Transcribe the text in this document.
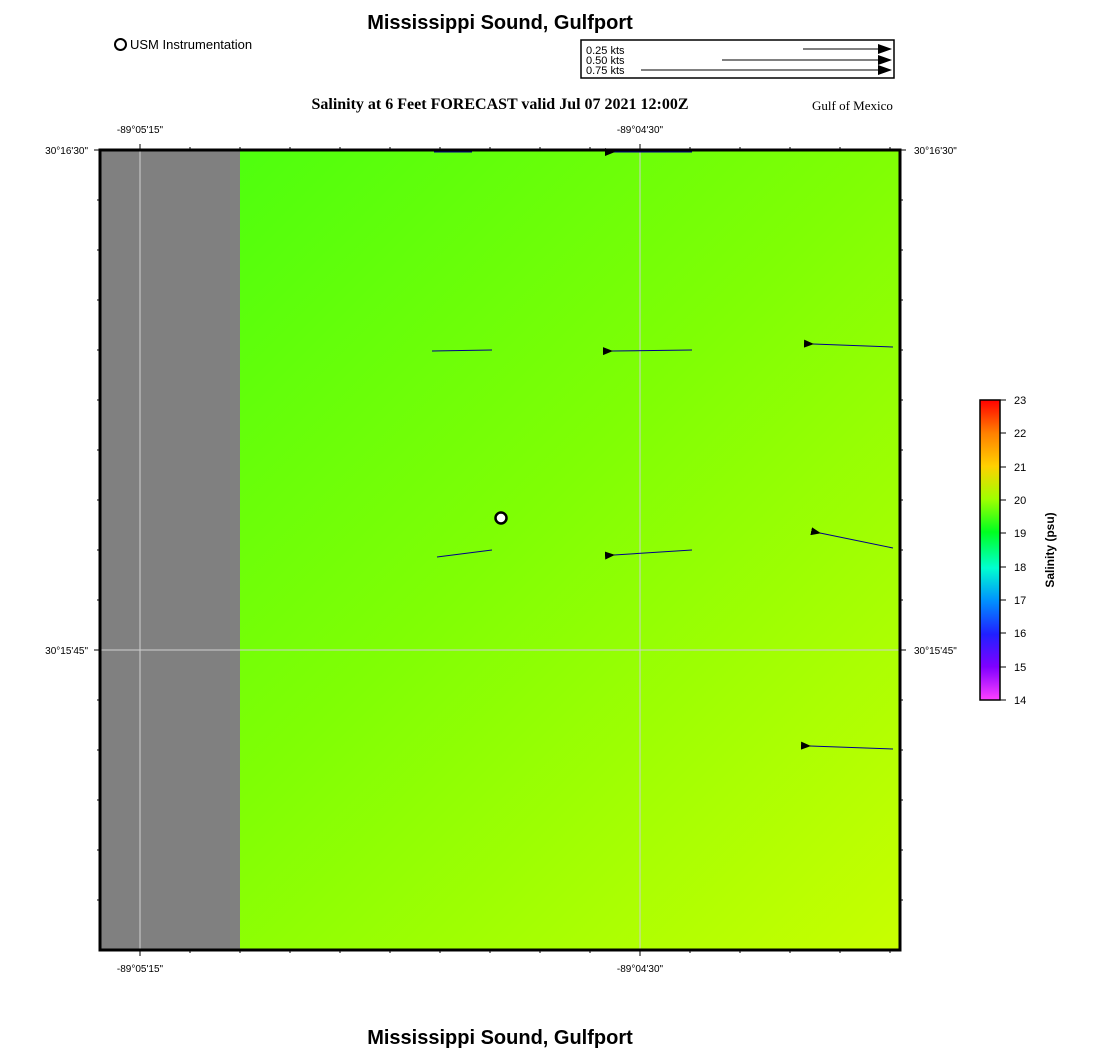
Mississippi Sound, Gulfport
USM Instrumentation
Salinity at 6 Feet FORECAST valid Jul 07 2021 12:00Z	Gulf of Mexico
0.25 kts
0.50 kts
0.75 kts
-89°05'15"	-89°04'30"
-89°05'15"	-89°04'30"
30°16'30"
30°15'45"
30°16'30"
30°15'45"
23
22
21
20
19
18
17
16
15
14
Salinity (psu)
Mississippi Sound, Gulfport
